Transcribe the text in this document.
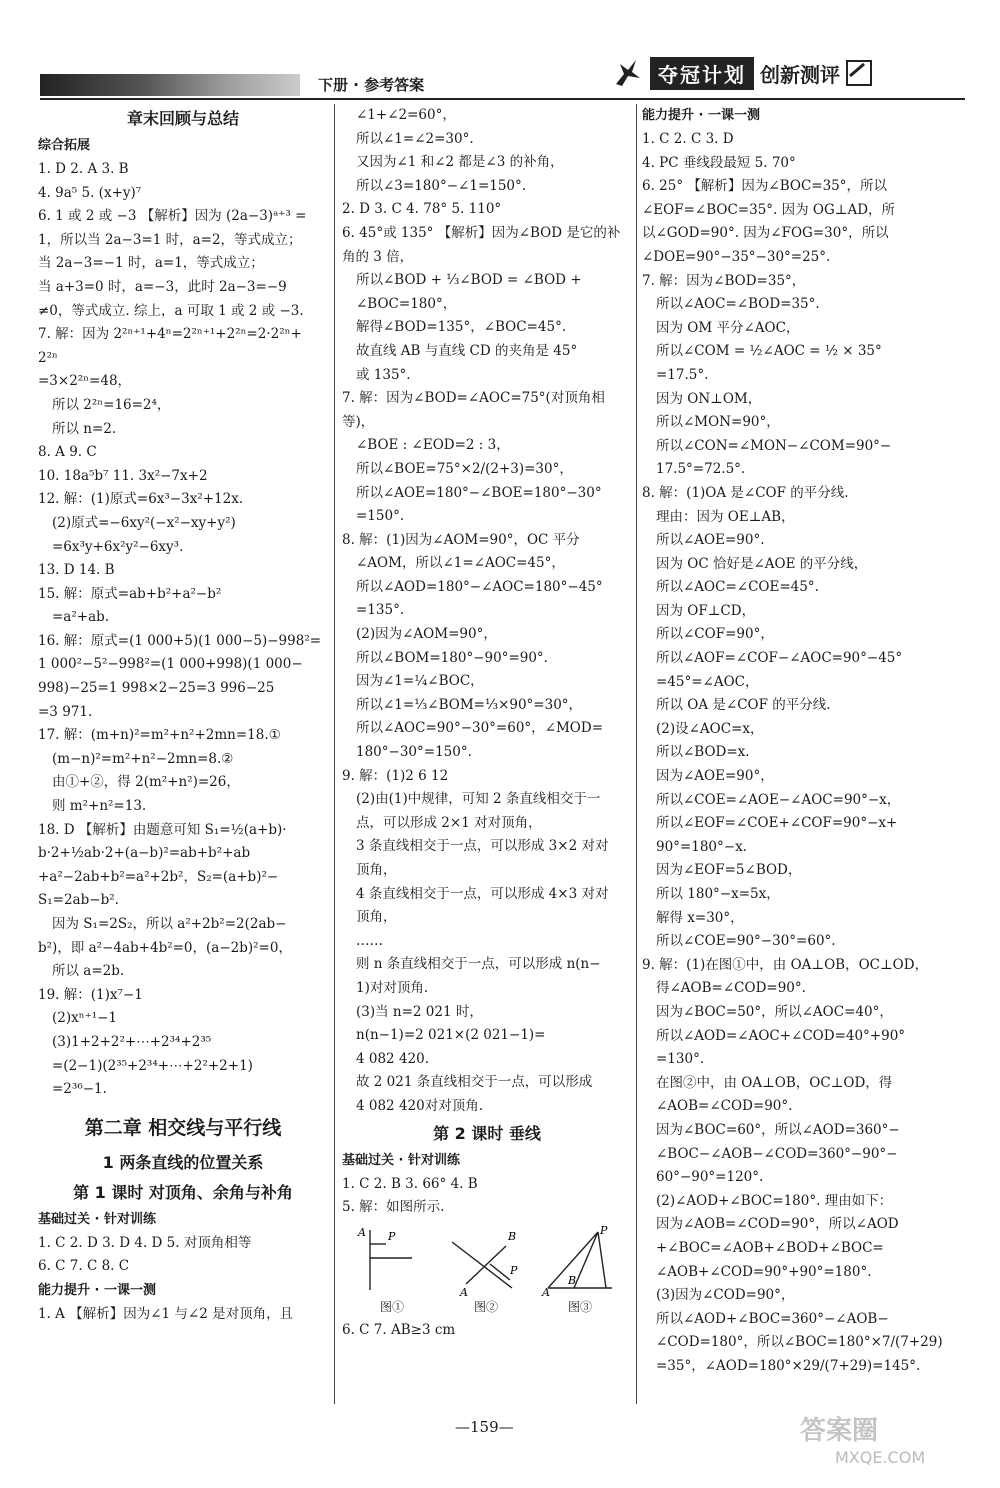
下册 · 参考答案	夺冠计划 创新测评
章末回顾与总结
综合拓展
1. D 2. A 3. B
4. 9a⁵ 5. (x+y)⁷
6. 1 或 2 或 −3 【解析】因为 (2a−3)ᵃ⁺³ =
1，所以当 2a−3=1 时，a=2，等式成立；
当 2a−3=−1 时，a=1，等式成立；
当 a+3=0 时，a=−3，此时 2a−3=−9
≠0，等式成立. 综上，a 可取 1 或 2 或 −3.
7. 解：因为 2²ⁿ⁺¹+4ⁿ=2²ⁿ⁺¹+2²ⁿ=2·2²ⁿ+
2²ⁿ
=3×2²ⁿ=48，
所以 2²ⁿ=16=2⁴，
所以 n=2.
8. A 9. C
10. 18a⁵b⁷ 11. 3x²−7x+2
12. 解：(1)原式=6x³−3x²+12x.
(2)原式=−6xy²(−x²−xy+y²)
=6x³y+6x²y²−6xy³.
13. D 14. B
15. 解：原式=ab+b²+a²−b²
=a²+ab.
16. 解：原式=(1 000+5)(1 000−5)−998²=
1 000²−5²−998²=(1 000+998)(1 000−
998)−25=1 998×2−25=3 996−25
=3 971.
17. 解：(m+n)²=m²+n²+2mn=18.①
(m−n)²=m²+n²−2mn=8.②
由①+②，得 2(m²+n²)=26，
则 m²+n²=13.
18. D 【解析】由题意可知 S₁=½(a+b)·
b·2+½ab·2+(a−b)²=ab+b²+ab
+a²−2ab+b²=a²+2b²，S₂=(a+b)²−
S₁=2ab−b².
因为 S₁=2S₂，所以 a²+2b²=2(2ab−
b²)，即 a²−4ab+4b²=0，(a−2b)²=0，
所以 a=2b.
19. 解：(1)x⁷−1
(2)xⁿ⁺¹−1
(3)1+2+2²+⋯+2³⁴+2³⁵
=(2−1)(2³⁵+2³⁴+⋯+2²+2+1)
=2³⁶−1.
第二章 相交线与平行线
1 两条直线的位置关系
第 1 课时 对顶角、余角与补角
基础过关 · 针对训练
1. C 2. D 3. D 4. D 5. 对顶角相等
6. C 7. C 8. C
能力提升 · 一课一测
1. A 【解析】因为∠1 与∠2 是对顶角，且
∠1+∠2=60°，
所以∠1=∠2=30°.
又因为∠1 和∠2 都是∠3 的补角，
所以∠3=180°−∠1=150°.
2. D 3. C 4. 78° 5. 110°
6. 45°或 135° 【解析】因为∠BOD 是它的补
角的 3 倍，
所以∠BOD + ⅓∠BOD = ∠BOD +
∠BOC=180°，
解得∠BOD=135°，∠BOC=45°.
故直线 AB 与直线 CD 的夹角是 45°
或 135°.
7. 解：因为∠BOD=∠AOC=75°(对顶角相
等)，
∠BOE : ∠EOD=2 : 3，
所以∠BOE=75°×2/(2+3)=30°，
所以∠AOE=180°−∠BOE=180°−30°
=150°.
8. 解：(1)因为∠AOM=90°，OC 平分
∠AOM，所以∠1=∠AOC=45°，
所以∠AOD=180°−∠AOC=180°−45°
=135°.
(2)因为∠AOM=90°，
所以∠BOM=180°−90°=90°.
因为∠1=¼∠BOC，
所以∠1=⅓∠BOM=⅓×90°=30°，
所以∠AOC=90°−30°=60°，∠MOD=
180°−30°=150°.
9. 解：(1)2 6 12
(2)由(1)中规律，可知 2 条直线相交于一
点，可以形成 2×1 对对顶角，
3 条直线相交于一点，可以形成 3×2 对对
顶角，
4 条直线相交于一点，可以形成 4×3 对对
顶角，
……
则 n 条直线相交于一点，可以形成 n(n−
1)对对顶角.
(3)当 n=2 021 时，
n(n−1)=2 021×(2 021−1)=
4 082 420.
故 2 021 条直线相交于一点，可以形成
4 082 420对对顶角.
第 2 课时 垂线
基础过关 · 针对训练
1. C 2. B 3. 66° 4. B
5. 解：如图所示.
A P
图①
B
A
P
图②
P
A
B
图③
6. C 7. AB≥3 cm
能力提升 · 一课一测
1. C 2. C 3. D
4. PC 垂线段最短 5. 70°
6. 25° 【解析】因为∠BOC=35°，所以
∠EOF=∠BOC=35°. 因为 OG⊥AD，所
以∠GOD=90°. 因为∠FOG=30°，所以
∠DOE=90°−35°−30°=25°.
7. 解：因为∠BOD=35°，
所以∠AOC=∠BOD=35°.
因为 OM 平分∠AOC，
所以∠COM = ½∠AOC = ½ × 35°
=17.5°.
因为 ON⊥OM，
所以∠MON=90°，
所以∠CON=∠MON−∠COM=90°−
17.5°=72.5°.
8. 解：(1)OA 是∠COF 的平分线.
理由：因为 OE⊥AB，
所以∠AOE=90°.
因为 OC 恰好是∠AOE 的平分线，
所以∠AOC=∠COE=45°.
因为 OF⊥CD，
所以∠COF=90°，
所以∠AOF=∠COF−∠AOC=90°−45°
=45°=∠AOC，
所以 OA 是∠COF 的平分线.
(2)设∠AOC=x，
所以∠BOD=x.
因为∠AOE=90°，
所以∠COE=∠AOE−∠AOC=90°−x，
所以∠EOF=∠COE+∠COF=90°−x+
90°=180°−x.
因为∠EOF=5∠BOD，
所以 180°−x=5x，
解得 x=30°，
所以∠COE=90°−30°=60°.
9. 解：(1)在图①中，由 OA⊥OB，OC⊥OD，
得∠AOB=∠COD=90°.
因为∠BOC=50°，所以∠AOC=40°，
所以∠AOD=∠AOC+∠COD=40°+90°
=130°.
在图②中，由 OA⊥OB，OC⊥OD，得
∠AOB=∠COD=90°.
因为∠BOC=60°，所以∠AOD=360°−
∠BOC−∠AOB−∠COD=360°−90°−
60°−90°=120°.
(2)∠AOD+∠BOC=180°. 理由如下：
因为∠AOB=∠COD=90°，所以∠AOD
+∠BOC=∠AOB+∠BOD+∠BOC=
∠AOB+∠COD=90°+90°=180°.
(3)因为∠COD=90°，
所以∠AOD+∠BOC=360°−∠AOB−
∠COD=180°，所以∠BOC=180°×7/(7+29)
=35°，∠AOD=180°×29/(7+29)=145°.
—159—	答案圈
MXQE.COM
